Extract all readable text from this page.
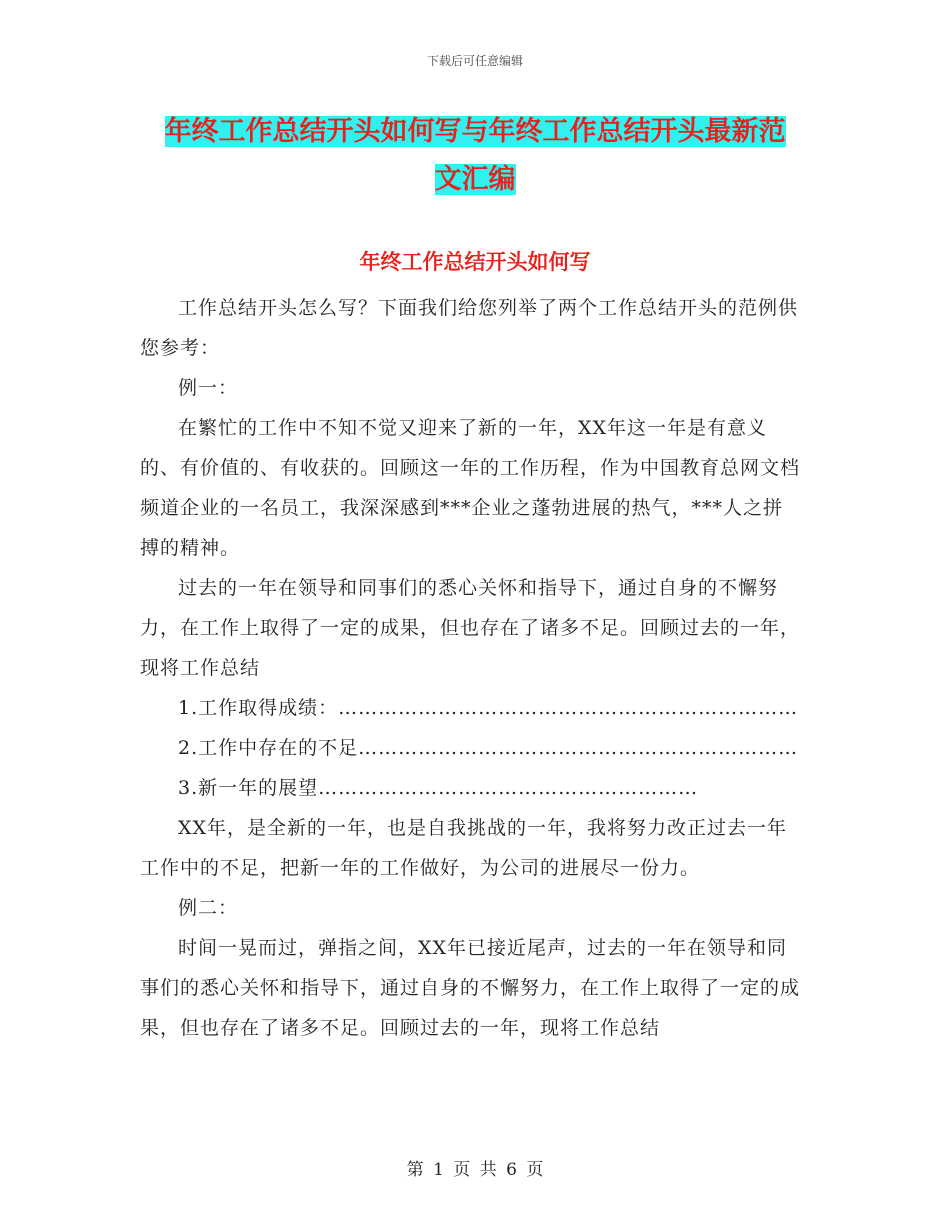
下载后可任意编辑
年终工作总结开头如何写与年终工作总结开头最新范
文汇编
年终工作总结开头如何写

工作总结开头怎么写？下面我们给您列举了两个工作总结开头的范例供您参考：

例一：

在繁忙的工作中不知不觉又迎来了新的一年，XX年这一年是有意义的、有价值的、有收获的。回顾这一年的工作历程，作为中国教育总网文档频道企业的一名员工，我深深感到***企业之蓬勃进展的热气，***人之拼搏的精神。

过去的一年在领导和同事们的悉心关怀和指导下，通过自身的不懈努力，在工作上取得了一定的成果，但也存在了诸多不足。回顾过去的一年，现将工作总结

1.工作取得成绩：……………………………………………………………

2.工作中存在的不足…………………………………………………………

3.新一年的展望…………………………………………………

XX年，是全新的一年，也是自我挑战的一年，我将努力改正过去一年工作中的不足，把新一年的工作做好，为公司的进展尽一份力。

例二：

时间一晃而过，弹指之间，XX年已接近尾声，过去的一年在领导和同事们的悉心关怀和指导下，通过自身的不懈努力，在工作上取得了一定的成果，但也存在了诸多不足。回顾过去的一年，现将工作总结

第 1 页 共 6 页
